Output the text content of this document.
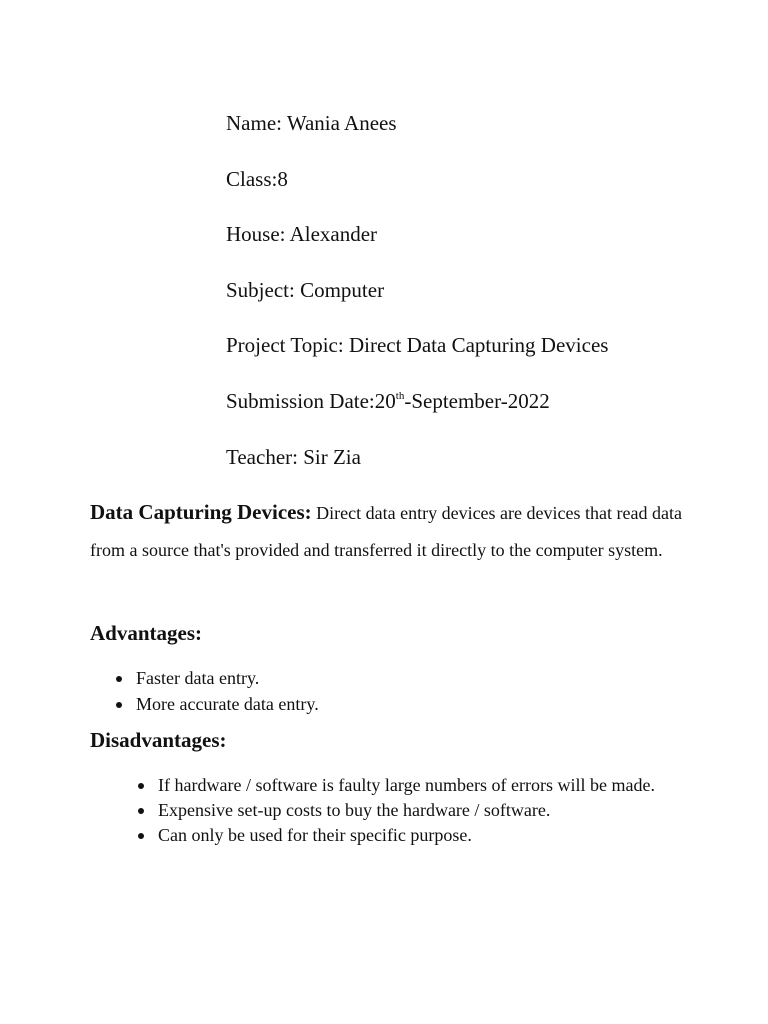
Name: Wania Anees
Class:8
House: Alexander
Subject: Computer
Project Topic: Direct Data Capturing Devices
Submission Date:20th-September-2022
Teacher: Sir Zia

Data Capturing Devices: Direct data entry devices are devices that read data from a source that's provided and transferred it directly to the computer system.

Advantages:
Faster data entry.
More accurate data entry.
Disadvantages:
If hardware / software is faulty large numbers of errors will be made.
Expensive set-up costs to buy the hardware / software.
Can only be used for their specific purpose.
